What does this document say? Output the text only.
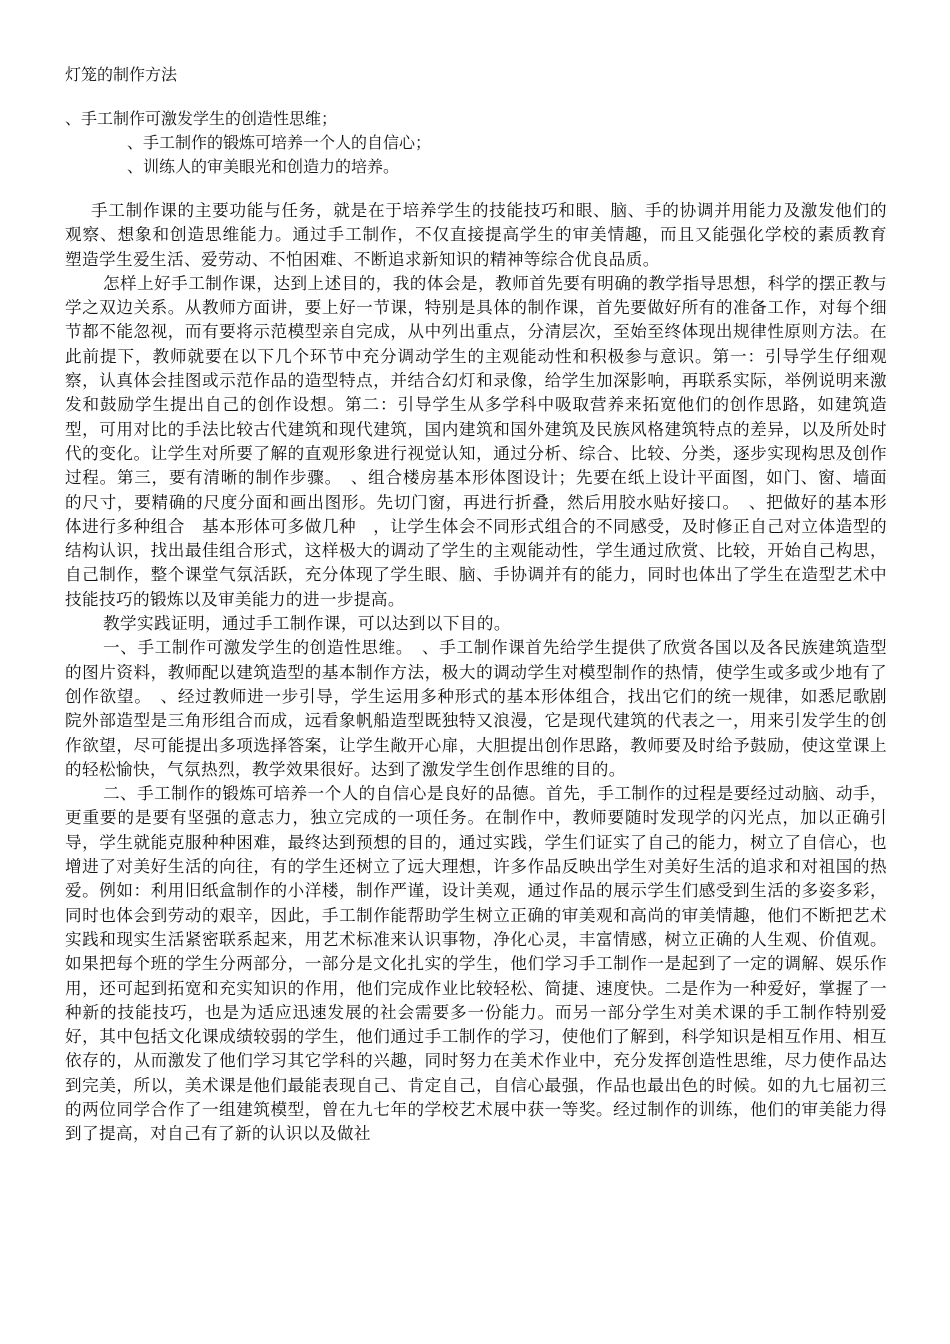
灯笼的制作方法
、手工制作可激发学生的创造性思维；
、手工制作的锻炼可培养一个人的自信心；
、训练人的审美眼光和创造力的培养。

手工制作课的主要功能与任务，就是在于培养学生的技能技巧和眼、脑、手的协调并用能力及激发他们的观察、想象和创造思维能力。通过手工制作，不仅直接提高学生的审美情趣，而且又能强化学校的素质教育　塑造学生爱生活、爱劳动、不怕困难、不断追求新知识的精神等综合优良品质。

怎样上好手工制作课，达到上述目的，我的体会是，教师首先要有明确的教学指导思想，科学的摆正教与学之双边关系。从教师方面讲，要上好一节课，特别是具体的制作课，首先要做好所有的准备工作，对每个细节都不能忽视，而有要将示范模型亲自完成，从中列出重点，分清层次，至始至终体现出规律性原则方法。在此前提下，教师就要在以下几个环节中充分调动学生的主观能动性和积极参与意识。第一：引导学生仔细观察，认真体会挂图或示范作品的造型特点，并结合幻灯和录像，给学生加深影响，再联系实际，举例说明来激发和鼓励学生提出自己的创作设想。第二：引导学生从多学科中吸取营养来拓宽他们的创作思路，如建筑造型，可用对比的手法比较古代建筑和现代建筑，国内建筑和国外建筑及民族风格建筑特点的差异，以及所处时代的变化。让学生对所要了解的直观形象进行视觉认知，通过分析、综合、比较、分类，逐步实现构思及创作过程。第三，要有清晰的制作步骤。　、组合楼房基本形体图设计；先要在纸上设计平面图，如门、窗、墙面的尺寸，要精确的尺度分面和画出图形。先切门窗，再进行折叠，然后用胶水贴好接口。　、把做好的基本形体进行多种组合　基本形体可多做几种　，让学生体会不同形式组合的不同感受，及时修正自己对立体造型的结构认识，找出最佳组合形式，这样极大的调动了学生的主观能动性，学生通过欣赏、比较，开始自己构思，自己制作，整个课堂气氛活跃，充分体现了学生眼、脑、手协调并有的能力，同时也体出了学生在造型艺术中技能技巧的锻炼以及审美能力的进一步提高。

教学实践证明，通过手工制作课，可以达到以下目的。

一、手工制作可激发学生的创造性思维。　、手工制作课首先给学生提供了欣赏各国以及各民族建筑造型的图片资料，教师配以建筑造型的基本制作方法，极大的调动学生对模型制作的热情，使学生或多或少地有了创作欲望。　、经过教师进一步引导，学生运用多种形式的基本形体组合，找出它们的统一规律，如悉尼歌剧院外部造型是三角形组合而成，远看象帆船造型既独特又浪漫，它是现代建筑的代表之一，用来引发学生的创作欲望，尽可能提出多项选择答案，让学生敞开心扉，大胆提出创作思路，教师要及时给予鼓励，使这堂课上的轻松愉快，气氛热烈，教学效果很好。达到了激发学生创作思维的目的。

二、手工制作的锻炼可培养一个人的自信心是良好的品德。首先，手工制作的过程是要经过动脑、动手，更重要的是要有坚强的意志力，独立完成的一项任务。在制作中，教师要随时发现学的闪光点，加以正确引导，学生就能克服种种困难，最终达到预想的目的，通过实践，学生们证实了自己的能力，树立了自信心，也增进了对美好生活的向往，有的学生还树立了远大理想，许多作品反映出学生对美好生活的追求和对祖国的热爱。例如：利用旧纸盒制作的小洋楼，制作严谨，设计美观，通过作品的展示学生们感受到生活的多姿多彩，同时也体会到劳动的艰辛，因此，手工制作能帮助学生树立正确的审美观和高尚的审美情趣，他们不断把艺术实践和现实生活紧密联系起来，用艺术标准来认识事物，净化心灵，丰富情感，树立正确的人生观、价值观。如果把每个班的学生分两部分，一部分是文化扎实的学生，他们学习手工制作一是起到了一定的调解、娱乐作用，还可起到拓宽和充实知识的作用，他们完成作业比较轻松、简捷、速度快。二是作为一种爱好，掌握了一种新的技能技巧，也是为适应迅速发展的社会需要多一份能力。而另一部分学生对美术课的手工制作特别爱好，其中包括文化课成绩较弱的学生，他们通过手工制作的学习，使他们了解到，科学知识是相互作用、相互依存的，从而激发了他们学习其它学科的兴趣，同时努力在美术作业中，充分发挥创造性思维，尽力使作品达到完美，所以，美术课是他们最能表现自己、肯定自己，自信心最强，作品也最出色的时候。如的九七届初三的两位同学合作了一组建筑模型，曾在九七年的学校艺术展中获一等奖。经过制作的训练，他们的审美能力得到了提高，对自己有了新的认识以及做社
